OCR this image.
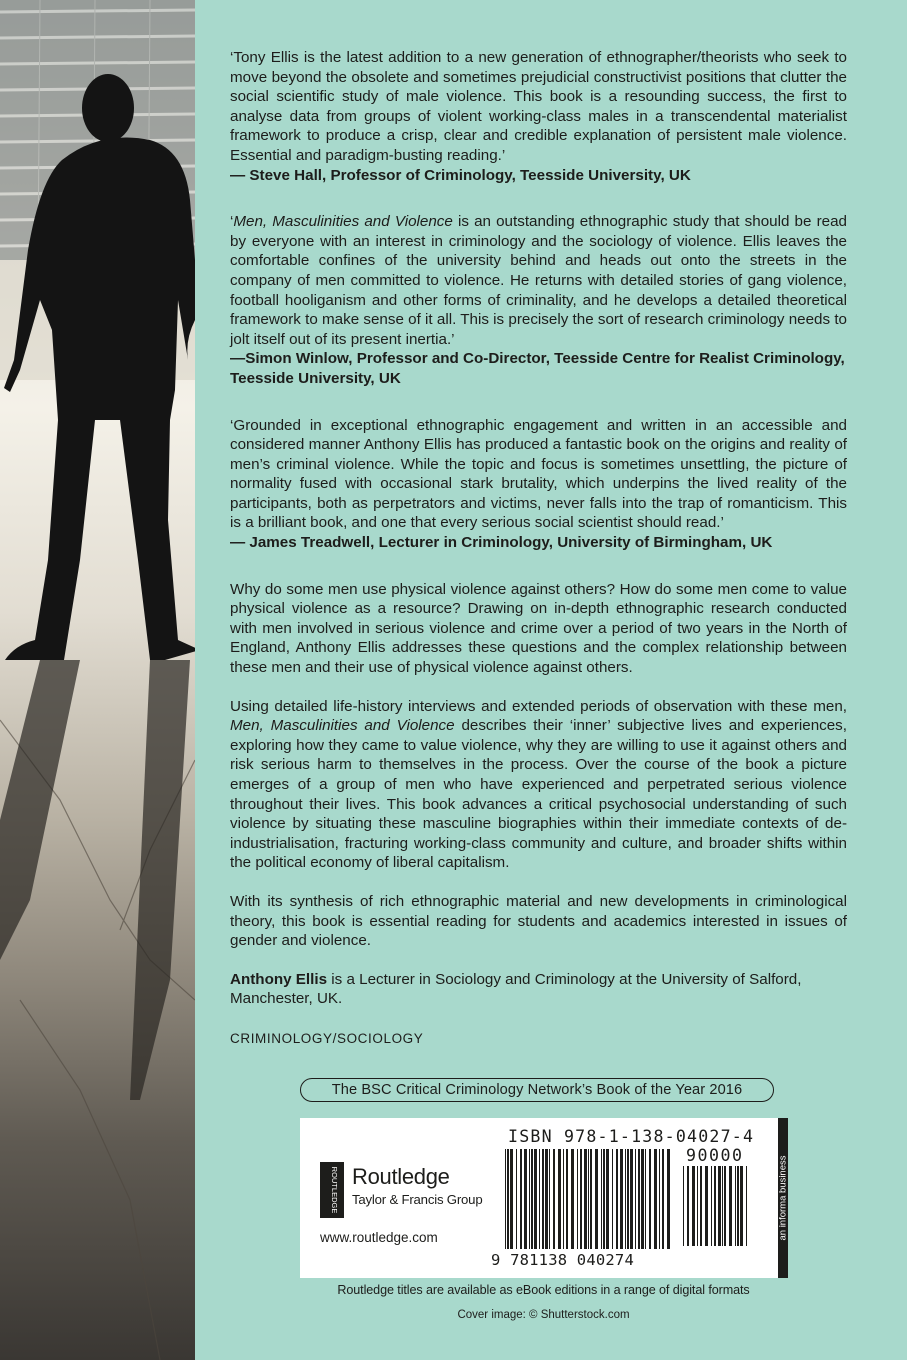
‘Tony Ellis is the latest addition to a new generation of ethnographer/theorists who seek to move beyond the obsolete and sometimes prejudicial constructivist positions that clutter the social scientific study of male violence. This book is a resounding success, the first to analyse data from groups of violent working-class males in a transcendental materialist framework to produce a crisp, clear and credible explanation of persistent male violence. Essential and paradigm-busting reading.’

— Steve Hall, Professor of Criminology, Teesside University, UK

‘Men, Masculinities and Violence is an outstanding ethnographic study that should be read by everyone with an interest in criminology and the sociology of violence. Ellis leaves the comfortable confines of the university behind and heads out onto the streets in the company of men committed to violence. He returns with detailed stories of gang violence, football hooliganism and other forms of criminality, and he develops a detailed theoretical framework to make sense of it all. This is precisely the sort of research criminology needs to jolt itself out of its present inertia.’

—Simon Winlow, Professor and Co-Director, Teesside Centre for Realist Criminology, Teesside University, UK

‘Grounded in exceptional ethnographic engagement and written in an accessible and considered manner Anthony Ellis has produced a fantastic book on the origins and reality of men’s criminal violence. While the topic and focus is sometimes unsettling, the picture of normality fused with occasional stark brutality, which underpins the lived reality of the participants, both as perpetrators and victims, never falls into the trap of romanticism. This is a brilliant book, and one that every serious social scientist should read.’

— James Treadwell, Lecturer in Criminology, University of Birmingham, UK

Why do some men use physical violence against others? How do some men come to value physical violence as a resource? Drawing on in-depth ethnographic research conducted with men involved in serious violence and crime over a period of two years in the North of England, Anthony Ellis addresses these questions and the complex relationship between these men and their use of physical violence against others.

Using detailed life-history interviews and extended periods of observation with these men, Men, Masculinities and Violence describes their ‘inner’ subjective lives and experiences, exploring how they came to value violence, why they are willing to use it against others and risk serious harm to themselves in the process. Over the course of the book a picture emerges of a group of men who have experienced and perpetrated serious violence throughout their lives. This book advances a critical psychosocial understanding of such violence by situating these masculine biographies within their immediate contexts of de-industrialisation, fracturing working-class community and culture, and broader shifts within the political economy of liberal capitalism.

With its synthesis of rich ethnographic material and new developments in criminological theory, this book is essential reading for students and academics interested in issues of gender and violence.

Anthony Ellis is a Lecturer in Sociology and Criminology at the University of Salford, Manchester, UK.

CRIMINOLOGY/SOCIOLOGY

The BSC Critical Criminology Network’s Book of the Year 2016
ROUTLEDGE Routledge
Taylor & Francis Group
www.routledge.com
ISBN 978-1-138-04027-4
90000
9 781138 040274
an informa business
Routledge titles are available as eBook editions in a range of digital formats
Cover image: © Shutterstock.com
